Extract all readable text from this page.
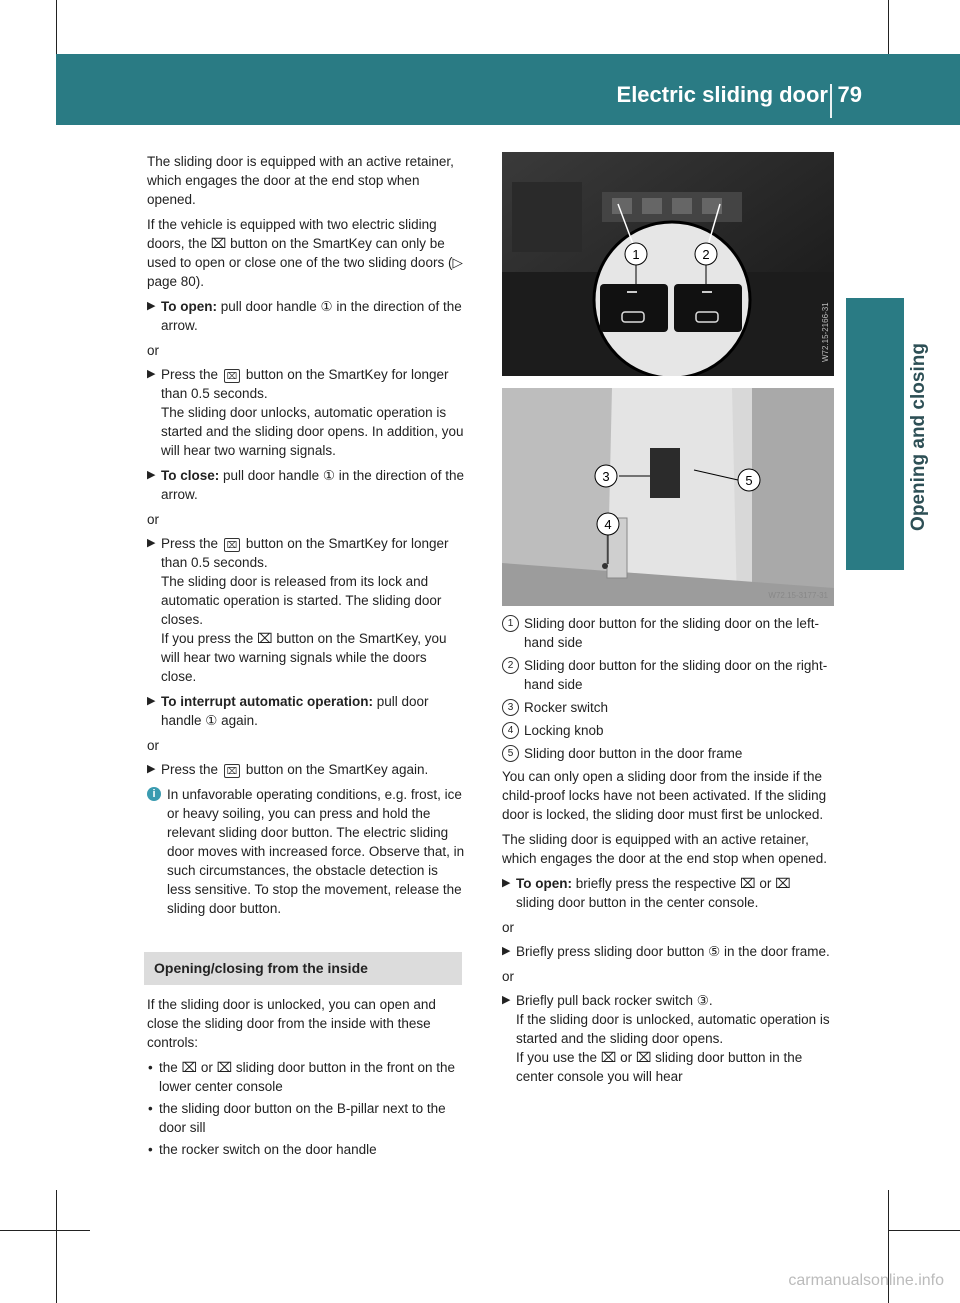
Electric sliding door 79
Opening and closing

The sliding door is equipped with an active retainer, which engages the door at the end stop when opened.

If the vehicle is equipped with two electric sliding doors, the ⌧ button on the SmartKey can only be used to open or close one of the two sliding doors (▷ page 80).

▶ To open: pull door handle ① in the direction of the arrow.
or
▶ Press the ⌧ button on the SmartKey for longer than 0.5 seconds.
The sliding door unlocks, automatic operation is started and the sliding door opens. In addition, you will hear two warning signals.
▶ To close: pull door handle ① in the direction of the arrow.
or
▶ Press the ⌧ button on the SmartKey for longer than 0.5 seconds.
The sliding door is released from its lock and automatic operation is started. The sliding door closes.
If you press the ⌧ button on the SmartKey, you will hear two warning signals while the doors close.
▶ To interrupt automatic operation: pull door handle ① again.
or
▶ Press the ⌧ button on the SmartKey again.
i In unfavorable operating conditions, e.g. frost, ice or heavy soiling, you can press and hold the relevant sliding door button. The electric sliding door moves with increased force. Observe that, in such circumstances, the obstacle detection is less sensitive. To stop the movement, release the sliding door button.
Opening/closing from the inside

If the sliding door is unlocked, you can open and close the sliding door from the inside with these controls:

• the ⌧ or ⌧ sliding door button in the front on the lower center console
• the sliding door button on the B-pillar next to the door sill
• the rocker switch on the door handle
1	2
W72.15-2166-31
3	5
4
W72.15-3177-31
1 Sliding door button for the sliding door on the left-hand side
2 Sliding door button for the sliding door on the right-hand side
3 Rocker switch
4 Locking knob
5 Sliding door button in the door frame

You can only open a sliding door from the inside if the child-proof locks have not been activated. If the sliding door is locked, the sliding door must first be unlocked.

The sliding door is equipped with an active retainer, which engages the door at the end stop when opened.

▶ To open: briefly press the respective ⌧ or ⌧ sliding door button in the center console.
or
▶ Briefly press sliding door button ⑤ in the door frame.
or
▶ Briefly pull back rocker switch ③.
If the sliding door is unlocked, automatic operation is started and the sliding door opens.
If you use the ⌧ or ⌧ sliding door button in the center console you will hear
carmanualsonline.info
